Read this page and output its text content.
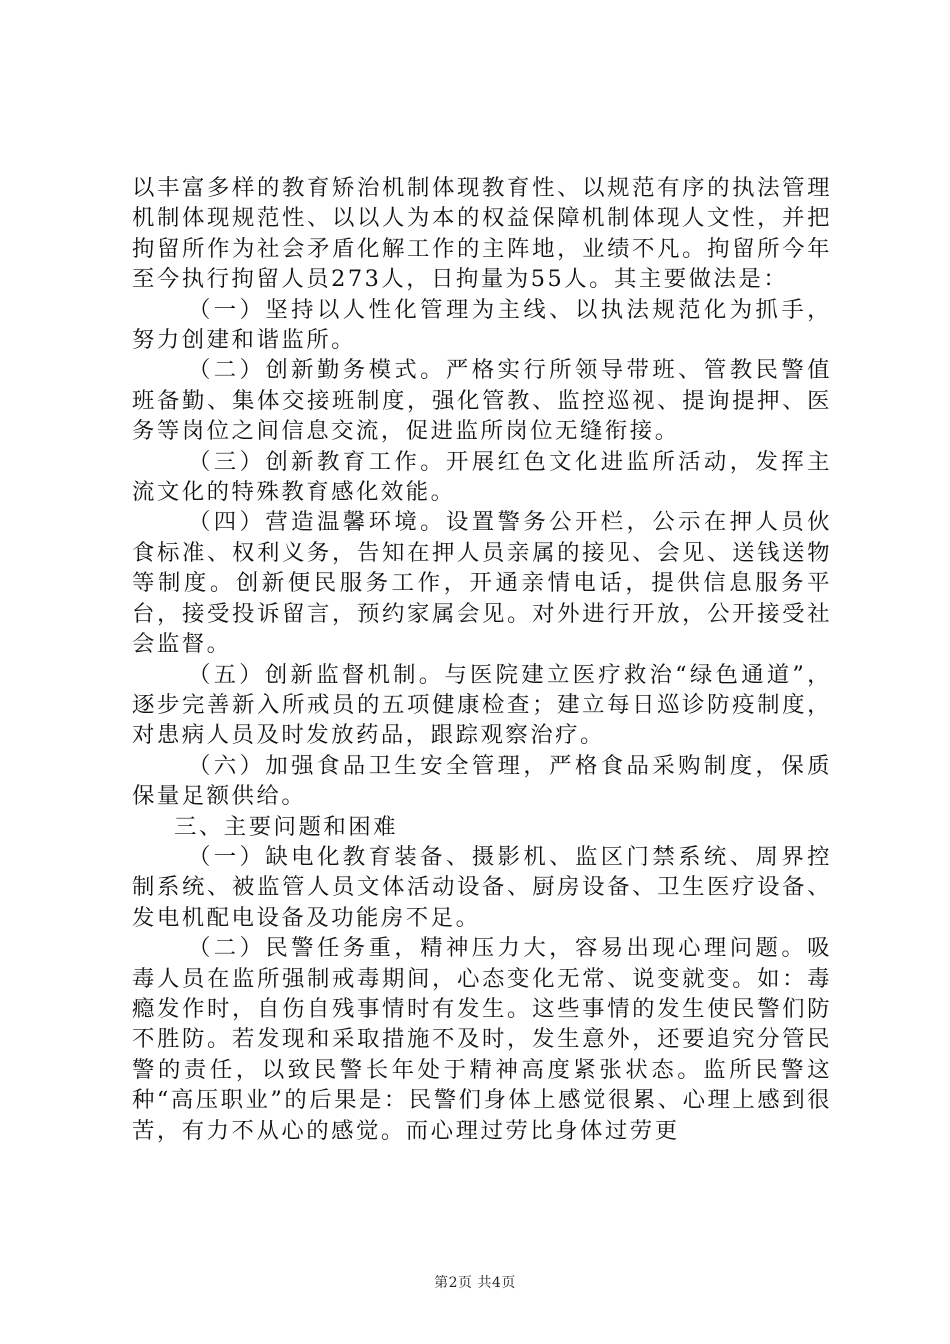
以丰富多样的教育矫治机制体现教育性、以规范有序的执法管理机制体现规范性、以以人为本的权益保障机制体现人文性，并把拘留所作为社会矛盾化解工作的主阵地，业绩不凡。拘留所今年至今执行拘留人员273人，日拘量为55人。其主要做法是：

（一）坚持以人性化管理为主线、以执法规范化为抓手，努力创建和谐监所。

（二）创新勤务模式。严格实行所领导带班、管教民警值班备勤、集体交接班制度，强化管教、监控巡视、提询提押、医务等岗位之间信息交流，促进监所岗位无缝衔接。

（三）创新教育工作。开展红色文化进监所活动，发挥主流文化的特殊教育感化效能。

（四）营造温馨环境。设置警务公开栏，公示在押人员伙食标准、权利义务，告知在押人员亲属的接见、会见、送钱送物等制度。创新便民服务工作，开通亲情电话，提供信息服务平台，接受投诉留言，预约家属会见。对外进行开放，公开接受社会监督。

（五）创新监督机制。与医院建立医疗救治“绿色通道”，逐步完善新入所戒员的五项健康检查；建立每日巡诊防疫制度，对患病人员及时发放药品，跟踪观察治疗。

（六）加强食品卫生安全管理，严格食品采购制度，保质保量足额供给。

三、主要问题和困难

（一）缺电化教育装备、摄影机、监区门禁系统、周界控制系统、被监管人员文体活动设备、厨房设备、卫生医疗设备、发电机配电设备及功能房不足。

（二）民警任务重，精神压力大，容易出现心理问题。吸毒人员在监所强制戒毒期间，心态变化无常、说变就变。如：毒瘾发作时，自伤自残事情时有发生。这些事情的发生使民警们防不胜防。若发现和采取措施不及时，发生意外，还要追究分管民警的责任，以致民警长年处于精神高度紧张状态。监所民警这种“高压职业”的后果是：民警们身体上感觉很累、心理上感到很苦，有力不从心的感觉。而心理过劳比身体过劳更

第2页 共4页
